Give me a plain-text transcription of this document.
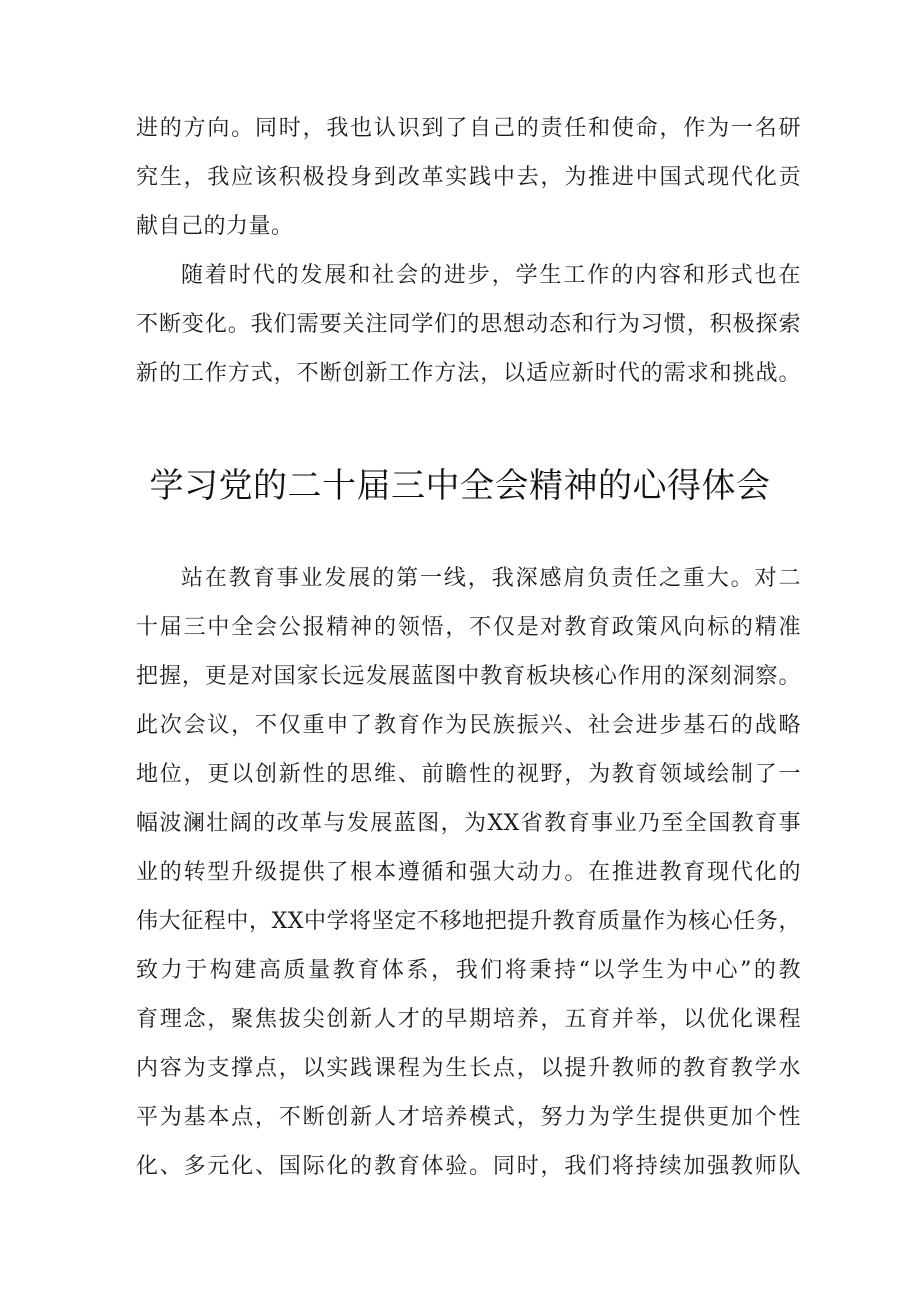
进的方向。同时，我也认识到了自己的责任和使命，作为一名研
究生，我应该积极投身到改革实践中去，为推进中国式现代化贡
献自己的力量。
随着时代的发展和社会的进步，学生工作的内容和形式也在
不断变化。我们需要关注同学们的思想动态和行为习惯，积极探索
新的工作方式，不断创新工作方法，以适应新时代的需求和挑战。
学习党的二十届三中全会精神的心得体会
站在教育事业发展的第一线，我深感肩负责任之重大。对二
十届三中全会公报精神的领悟，不仅是对教育政策风向标的精准
把握，更是对国家长远发展蓝图中教育板块核心作用的深刻洞察。
此次会议，不仅重申了教育作为民族振兴、社会进步基石的战略
地位，更以创新性的思维、前瞻性的视野，为教育领域绘制了一
幅波澜壮阔的改革与发展蓝图，为XX省教育事业乃至全国教育事
业的转型升级提供了根本遵循和强大动力。在推进教育现代化的
伟大征程中，XX中学将坚定不移地把提升教育质量作为核心任务，
致力于构建高质量教育体系，我们将秉持“以学生为中心”的教
育理念，聚焦拔尖创新人才的早期培养，五育并举，以优化课程
内容为支撑点，以实践课程为生长点，以提升教师的教育教学水
平为基本点，不断创新人才培养模式，努力为学生提供更加个性
化、多元化、国际化的教育体验。同时，我们将持续加强教师队
